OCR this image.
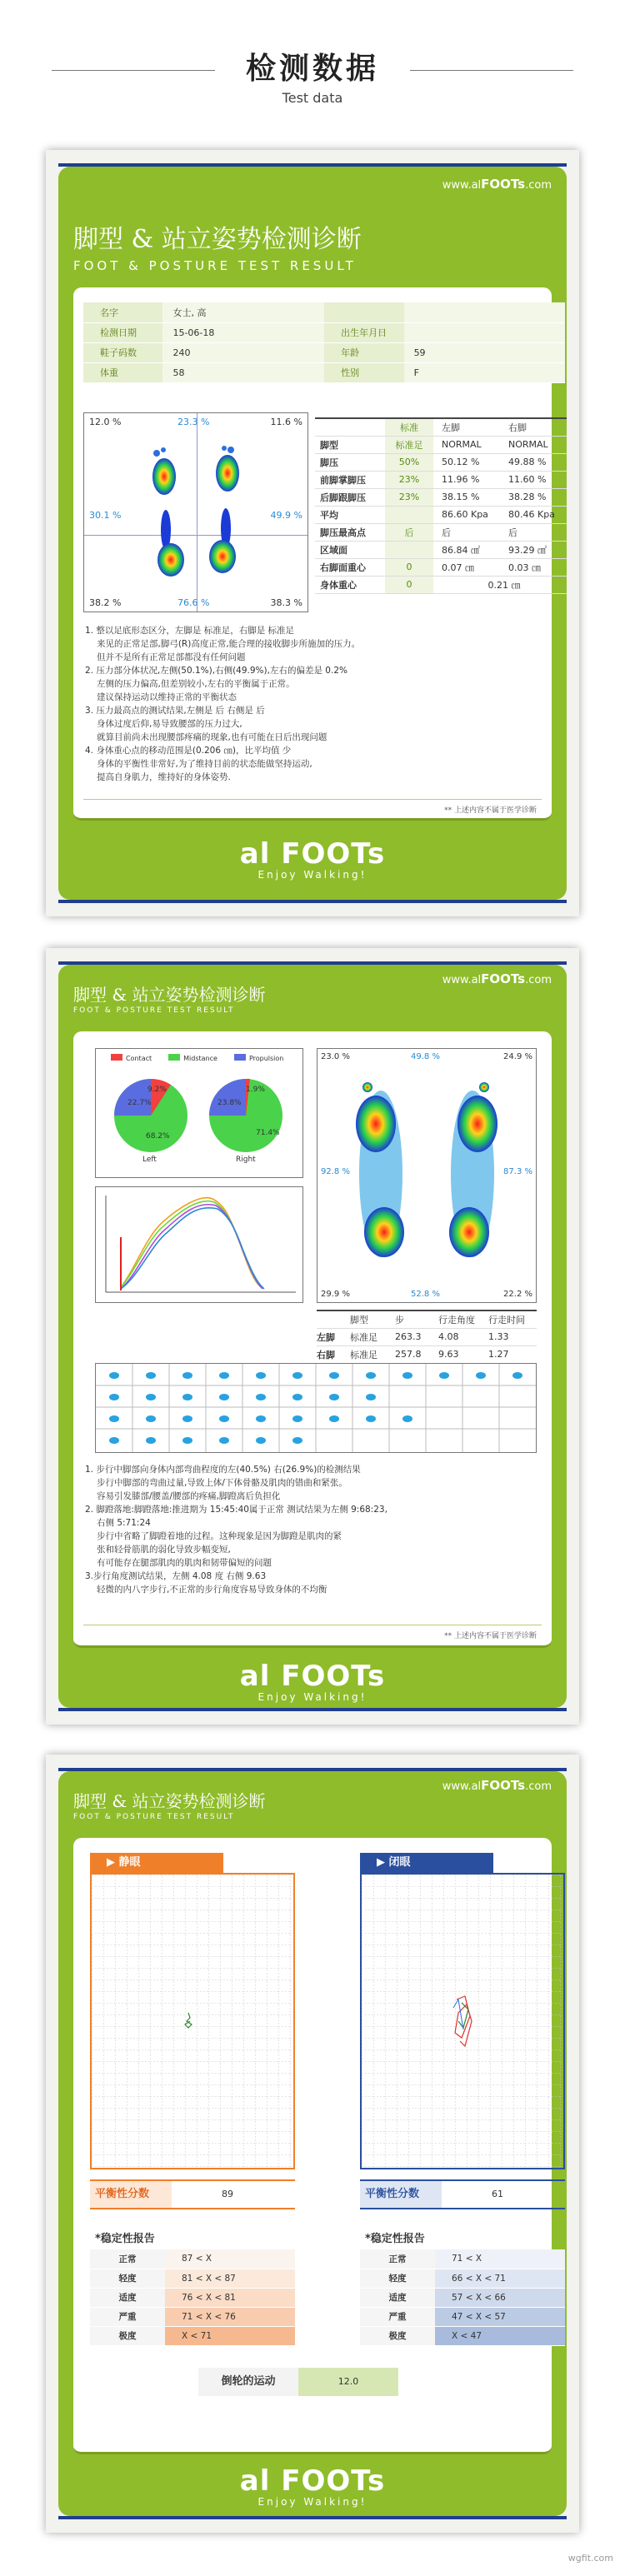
检测数据
Test data
www.alFOOTs.com
脚型 & 站立姿势检测诊断
FOOT & POSTURE TEST RESULT
名字	女士, 高		
检测日期	15-06-18	出生年月日	
鞋子码数	240	年龄	59
体重	58	性别	F
12.0 %	23.3 %	11.6 %
30.1 %	49.9 %
38.2 %	76.6 %	38.3 %
	标准	左脚	右脚
脚型	标准足	NORMAL	NORMAL
脚压	50%	50.12 %	49.88 %
前脚掌脚压	23%	11.96 %	11.60 %
后脚跟脚压	23%	38.15 %	38.28 %
平均		86.60 Kpa	80.46 Kpa
脚压最高点	后	后	后
区域面		86.84 ㎠	93.29 ㎠
右脚面重心	0	0.07 ㎝	0.03 ㎝
身体重心	0	0.21 ㎝	

1. 整以足底形态区分，左脚是 标准足，右脚是 标准足

来见的正常足部,脚弓(R)高度正常,能合理的接收脚步所施加的压力。

但并不是所有正常足部都没有任何问题

2. 压力部分体状况,左侧(50.1%),右侧(49.9%),左右的偏差是 0.2%

左侧的压力偏高,但差别较小,左右的平衡属于正常。

建议保持运动以维持正常的平衡状态

3. 压力最高点的测试结果,左侧是 后 右侧是 后

身体过度后仰,易导致腰部的压力过大,

就算目前尚未出现腰部疼痛的现象,也有可能在日后出现问题

4. 身体重心点的移动范围是(0.206 ㎝)，比平均值 少

身体的平衡性非常好,为了维持目前的状态能做坚持运动,

提高自身肌力，维持好的身体姿势.

** 上述内容不属于医学诊断
al FOOTs
Enjoy Walking!
www.alFOOTs.com
脚型 & 站立姿势检测诊断
FOOT & POSTURE TEST RESULT
Contact	Midstance	Propulsion
9.2%
22.7%
68.2%
Left
1.9%
23.8%
71.4%
Right
23.0 %	49.8 %	24.9 %
92.8 %	87.3 %
29.9 %	52.8 %	22.2 %
	脚型	步	行走角度	行走时间
左脚	标准足	263.3	4.08	1.33
右脚	标准足	257.8	9.63	1.27

1. 步行中脚部向身体内部弯曲程度的左(40.5%) 右(26.9%)的检测结果

步行中脚部的弯曲过量,导致上体/下体骨骼及肌肉的错曲和紧张。

容易引发膝部/腰盖/腰部的疼痛,脚蹬离后负担化

2. 脚蹬落地:脚蹬落地:推进期为 15:45:40属于正常 测试结果为左侧 9:68:23,

右侧 5:71:24

步行中省略了脚蹬着地的过程。这种现象是因为脚蹬是肌肉的紧

张和轻骨筋肌的弱化导致步幅变短,

有可能存在腿部肌肉的肌肉和韧带偏短的问题

3.步行角度测试结果，左侧 4.08 度 右侧 9.63

轻微的内八字步行,不正常的步行角度容易导致身体的不均衡

** 上述内容不属于医学诊断
al FOOTs
Enjoy Walking!
www.alFOOTs.com
脚型 & 站立姿势检测诊断
FOOT & POSTURE TEST RESULT
▶ 静眼	▶ 闭眼
平衡性分数	89	平衡性分数	61
*稳定性报告	*稳定性报告
正常	87 < X
轻度	81 < X < 87
适度	76 < X < 81
严重	71 < X < 76
极度	X < 71
正常	71 < X
轻度	66 < X < 71
适度	57 < X < 66
严重	47 < X < 57
极度	X < 47
倒轮的运动	12.0
al FOOTs
Enjoy Walking!
wgfit.com
